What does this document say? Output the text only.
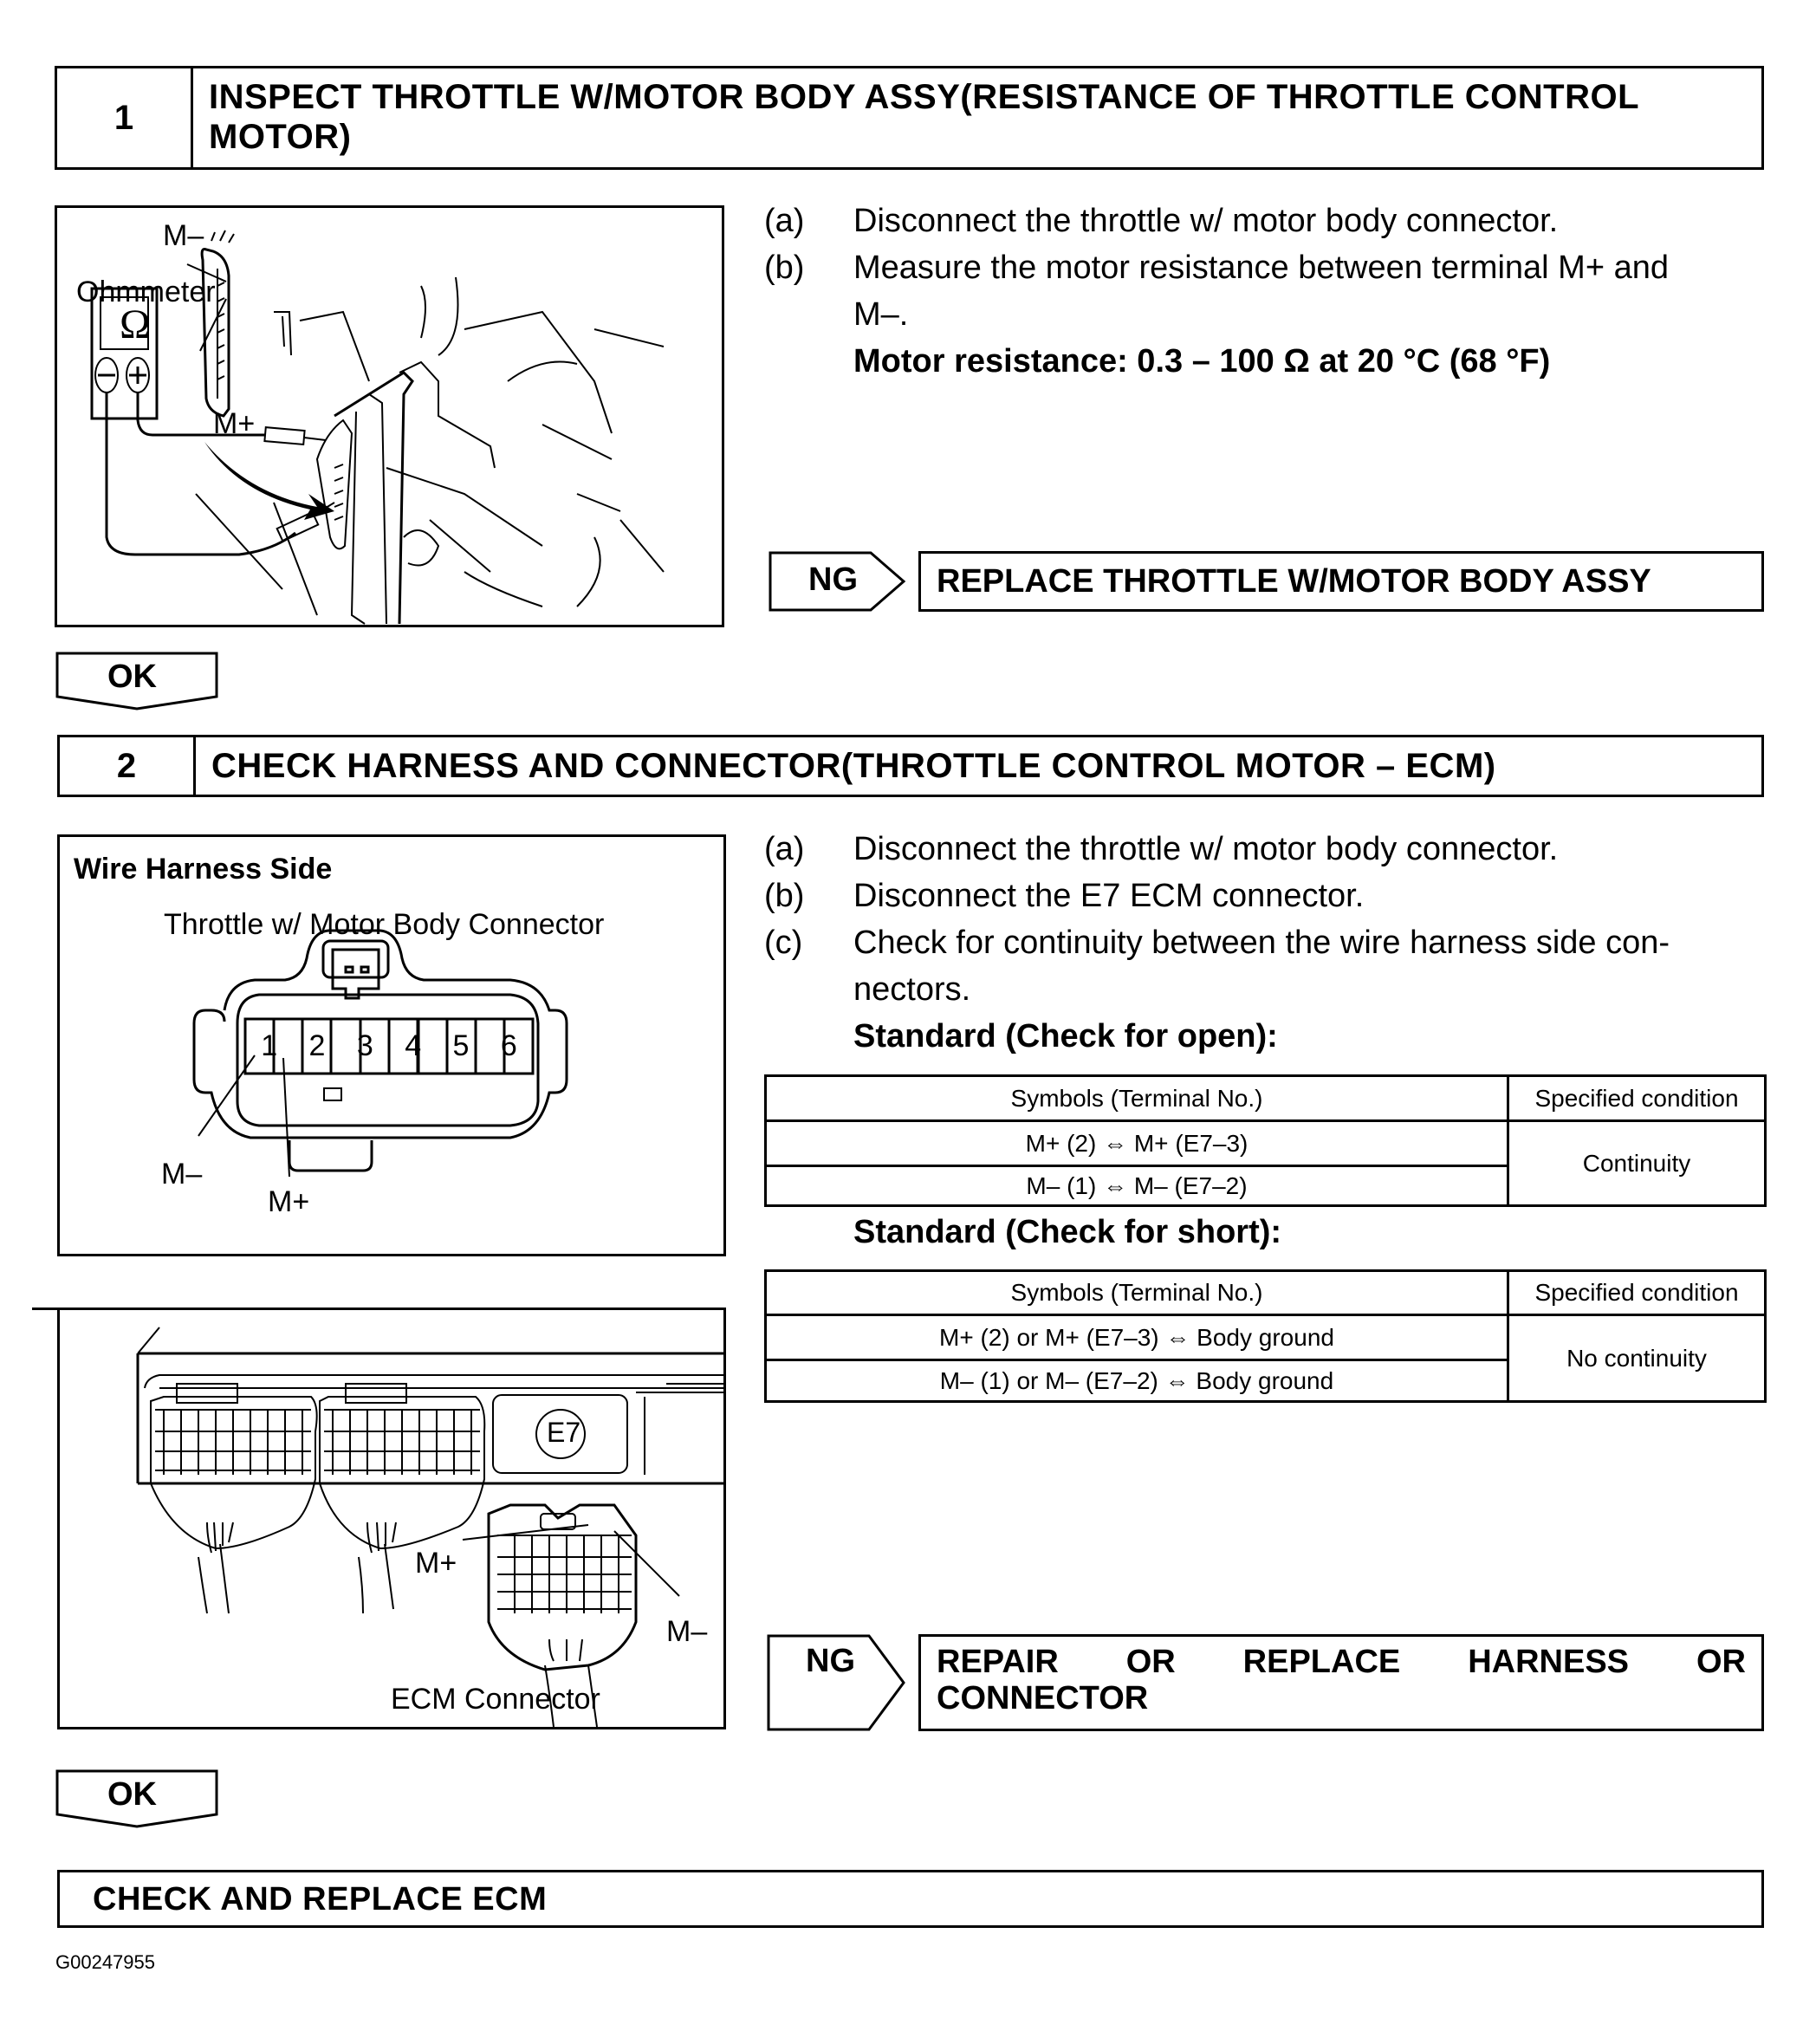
1
INSPECT THROTTLE W/MOTOR BODY ASSY(RESISTANCE OF THROTTLE CONTROL MOTOR)
Ω
M–
Ohmmeter
M+
(a) Disconnect the throttle w/ motor body connector.
(b) Measure the motor resistance between terminal M+ and
M–.
Motor resistance: 0.3 – 100 Ω at 20 °C (68 °F)
NG	REPLACE THROTTLE W/MOTOR BODY ASSY
OK
2	CHECK HARNESS AND CONNECTOR(THROTTLE CONTROL MOTOR – ECM)
Wire Harness Side
Throttle w/ Motor Body Connector
1	2	3	4	5	6
M–
M+
(a) Disconnect the throttle w/ motor body connector.
(b) Disconnect the E7 ECM connector.
(c) Check for continuity between the wire harness side con-
nectors.
Standard (Check for open):
Symbols (Terminal No.)	Specified condition
M+ (2) ⇔ M+ (E7–3)	Continuity
M– (1) ⇔ M– (E7–2)	
Standard (Check for short):
Symbols (Terminal No.)	Specified condition
M+ (2) or M+ (E7–3) ⇔ Body ground	No continuity
M– (1) or M– (E7–2) ⇔ Body ground	
E7
M+
M–
ECM Connector
NG REPAIR OR REPLACE HARNESS OR
CONNECTOR
OK
CHECK AND REPLACE ECM
G00247955
